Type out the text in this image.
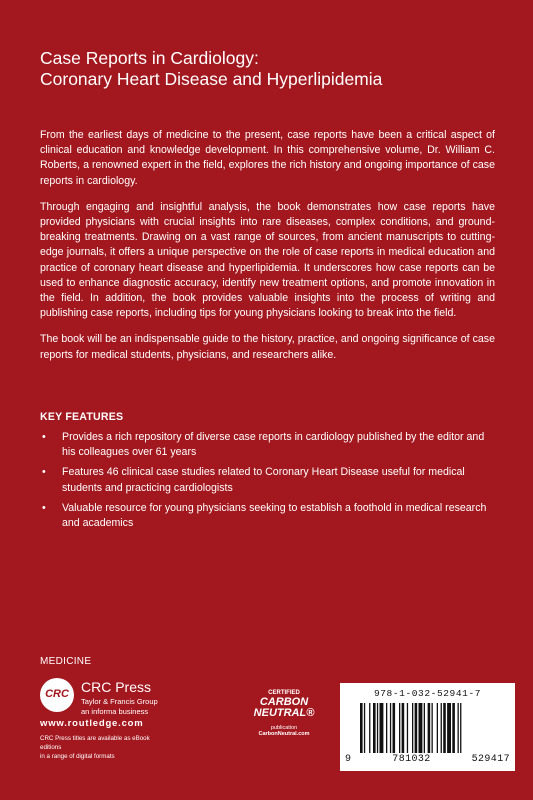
Case Reports in Cardiology:
Coronary Heart Disease and Hyperlipidemia

From the earliest days of medicine to the present, case reports have been a critical aspect of clinical education and knowledge development. In this comprehensive volume, Dr. William C. Roberts, a renowned expert in the field, explores the rich history and ongoing importance of case reports in cardiology.

Through engaging and insightful analysis, the book demonstrates how case reports have provided physicians with crucial insights into rare diseases, complex conditions, and ground-breaking treatments. Drawing on a vast range of sources, from ancient manuscripts to cutting-edge journals, it offers a unique perspective on the role of case reports in medical education and practice of coronary heart disease and hyperlipidemia. It underscores how case reports can be used to enhance diagnostic accuracy, identify new treatment options, and promote innovation in the field. In addition, the book provides valuable insights into the process of writing and publishing case reports, including tips for young physicians looking to break into the field.

The book will be an indispensable guide to the history, practice, and ongoing significance of case reports for medical students, physicians, and researchers alike.

KEY FEATURES
• Provides a rich repository of diverse case reports in cardiology published by the editor and his colleagues over 61 years
• Features 46 clinical case studies related to Coronary Heart Disease useful for medical students and practicing cardiologists
• Valuable resource for young physicians seeking to establish a foothold in medical research and academics
MEDICINE
CRC CRC Press
Taylor & Francis Group
an informa business
www.routledge.com
CRC Press titles are available as eBook editions
in a range of digital formats
CERTIFIED
CARBON
NEUTRAL®
publication
CarbonNeutral.com
978-1-032-52941-7
9	781032	529417
